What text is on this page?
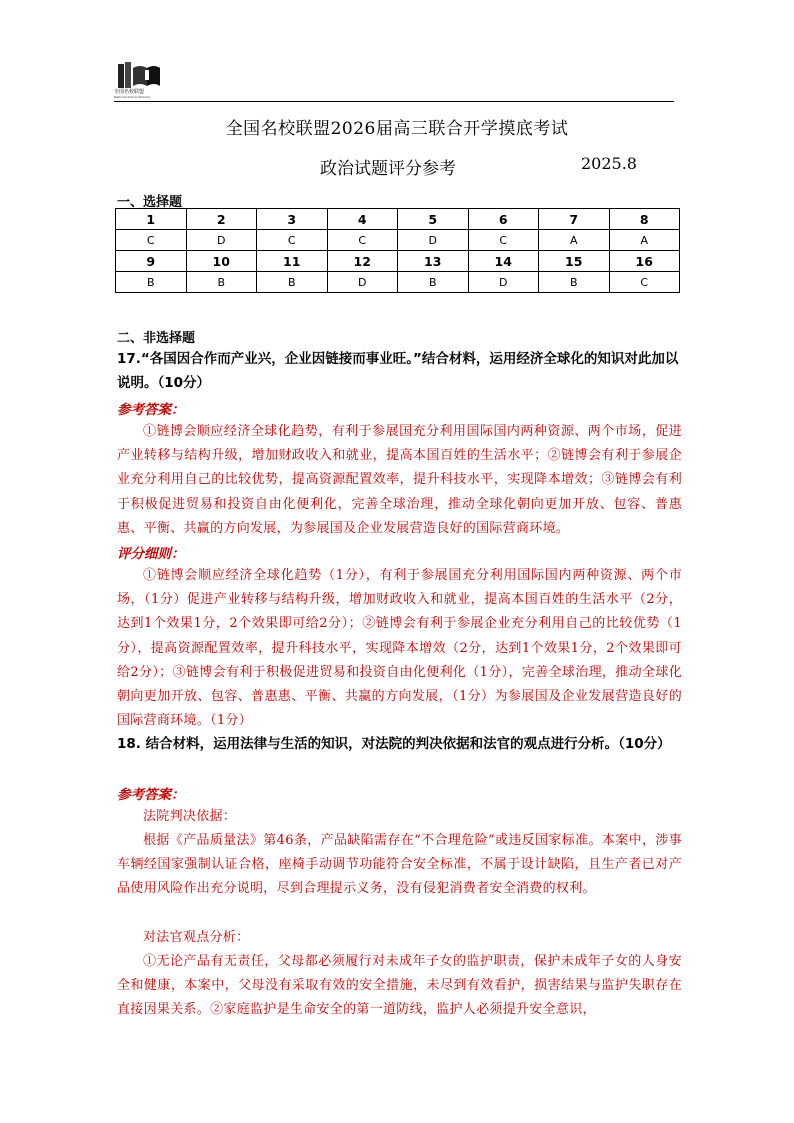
全国名校联盟
National School Alliance
全国名校联盟2026届高三联合开学摸底考试
政治试题评分参考	2025.8
一、选择题
1	2	3	4	5	6	7	8
C	D	C	C	D	C	A	A
9	10	11	12	13	14	15	16
B	B	B	D	B	D	B	C
二、非选择题
17.“各国因合作而产业兴，企业因链接而事业旺。”结合材料，运用经济全球化的知识对此加以说明。（10分）
参考答案：
①链博会顺应经济全球化趋势，有利于参展国充分利用国际国内两种资源、两个市场，促进产业转移与结构升级，增加财政收入和就业，提高本国百姓的生活水平；②链博会有利于参展企业充分利用自己的比较优势，提高资源配置效率，提升科技水平，实现降本增效；③链博会有利于积极促进贸易和投资自由化便利化，完善全球治理，推动全球化朝向更加开放、包容、普惠惠、平衡、共赢的方向发展，为参展国及企业发展营造良好的国际营商环境。
评分细则：
①链博会顺应经济全球化趋势（1分），有利于参展国充分利用国际国内两种资源、两个市场，（1分）促进产业转移与结构升级，增加财政收入和就业，提高本国百姓的生活水平（2分，达到1个效果1分，2个效果即可给2分）；②链博会有利于参展企业充分利用自己的比较优势（1分），提高资源配置效率，提升科技水平，实现降本增效（2分，达到1个效果1分，2个效果即可给2分）；③链博会有利于积极促进贸易和投资自由化便利化（1分），完善全球治理，推动全球化朝向更加开放、包容、普惠惠、平衡、共赢的方向发展，（1分）为参展国及企业发展营造良好的国际营商环境。（1分）
18. 结合材料，运用法律与生活的知识，对法院的判决依据和法官的观点进行分析。（10分）
参考答案：
法院判决依据：
根据《产品质量法》第46条，产品缺陷需存在“不合理危险”或违反国家标准。本案中，涉事车辆经国家强制认证合格，座椅手动调节功能符合安全标准，不属于设计缺陷，且生产者已对产品使用风险作出充分说明，尽到合理提示义务，没有侵犯消费者安全消费的权利。
对法官观点分析：
①无论产品有无责任，父母都必须履行对未成年子女的监护职责，保护未成年子女的人身安全和健康，本案中，父母没有采取有效的安全措施，未尽到有效看护，损害结果与监护失职存在直接因果关系。②家庭监护是生命安全的第一道防线，监护人必须提升安全意识，
